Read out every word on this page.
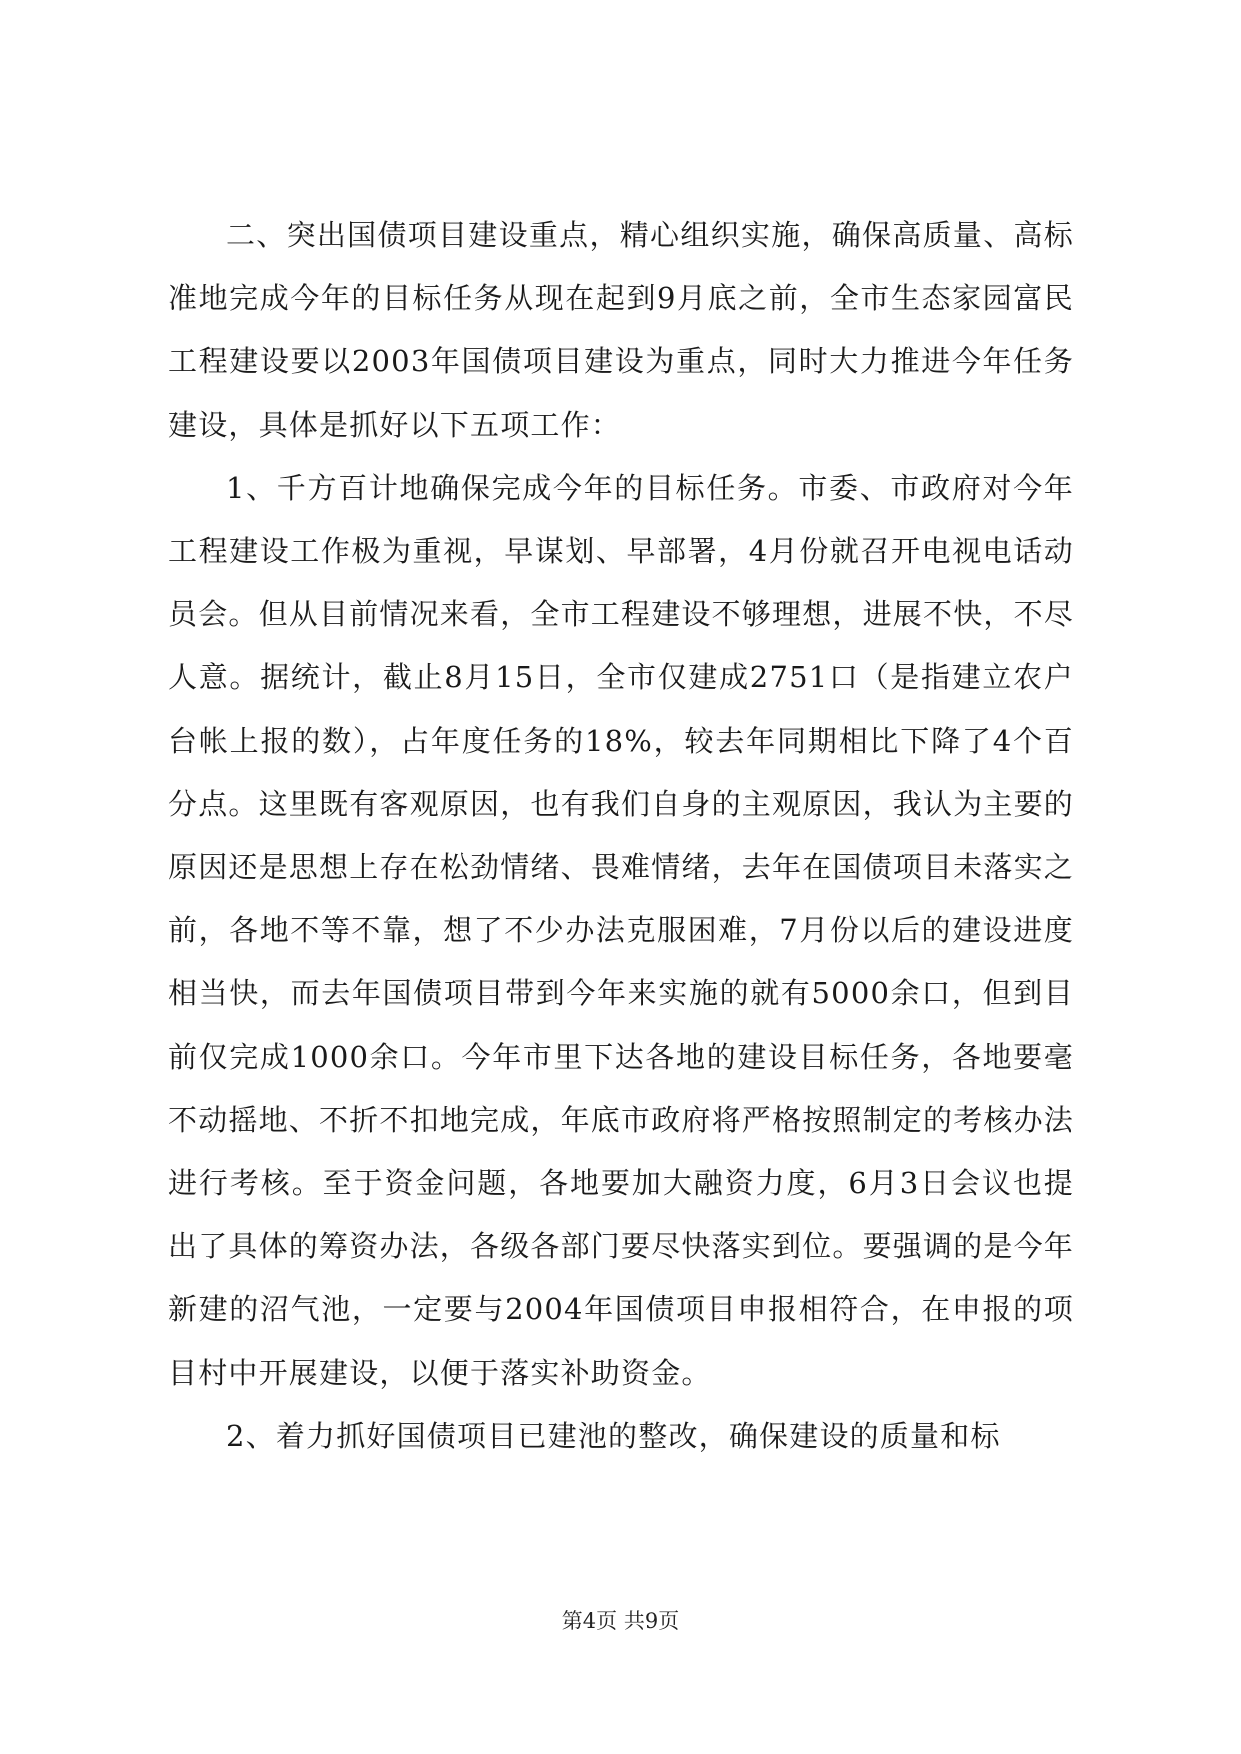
二、突出国债项目建设重点，精心组织实施，确保高质量、高标准地完成今年的目标任务从现在起到9月底之前，全市生态家园富民工程建设要以2003年国债项目建设为重点，同时大力推进今年任务建设，具体是抓好以下五项工作：

1、千方百计地确保完成今年的目标任务。市委、市政府对今年工程建设工作极为重视，早谋划、早部署，4月份就召开电视电话动员会。但从目前情况来看，全市工程建设不够理想，进展不快，不尽人意。据统计，截止8月15日，全市仅建成2751口（是指建立农户台帐上报的数），占年度任务的18%，较去年同期相比下降了4个百分点。这里既有客观原因，也有我们自身的主观原因，我认为主要的原因还是思想上存在松劲情绪、畏难情绪，去年在国债项目未落实之前，各地不等不靠，想了不少办法克服困难，7月份以后的建设进度相当快，而去年国债项目带到今年来实施的就有5000余口，但到目前仅完成1000余口。今年市里下达各地的建设目标任务，各地要毫不动摇地、不折不扣地完成，年底市政府将严格按照制定的考核办法进行考核。至于资金问题，各地要加大融资力度，6月3日会议也提出了具体的筹资办法，各级各部门要尽快落实到位。要强调的是今年新建的沼气池，一定要与2004年国债项目申报相符合，在申报的项目村中开展建设，以便于落实补助资金。

2、着力抓好国债项目已建池的整改，确保建设的质量和标

第4页 共9页
